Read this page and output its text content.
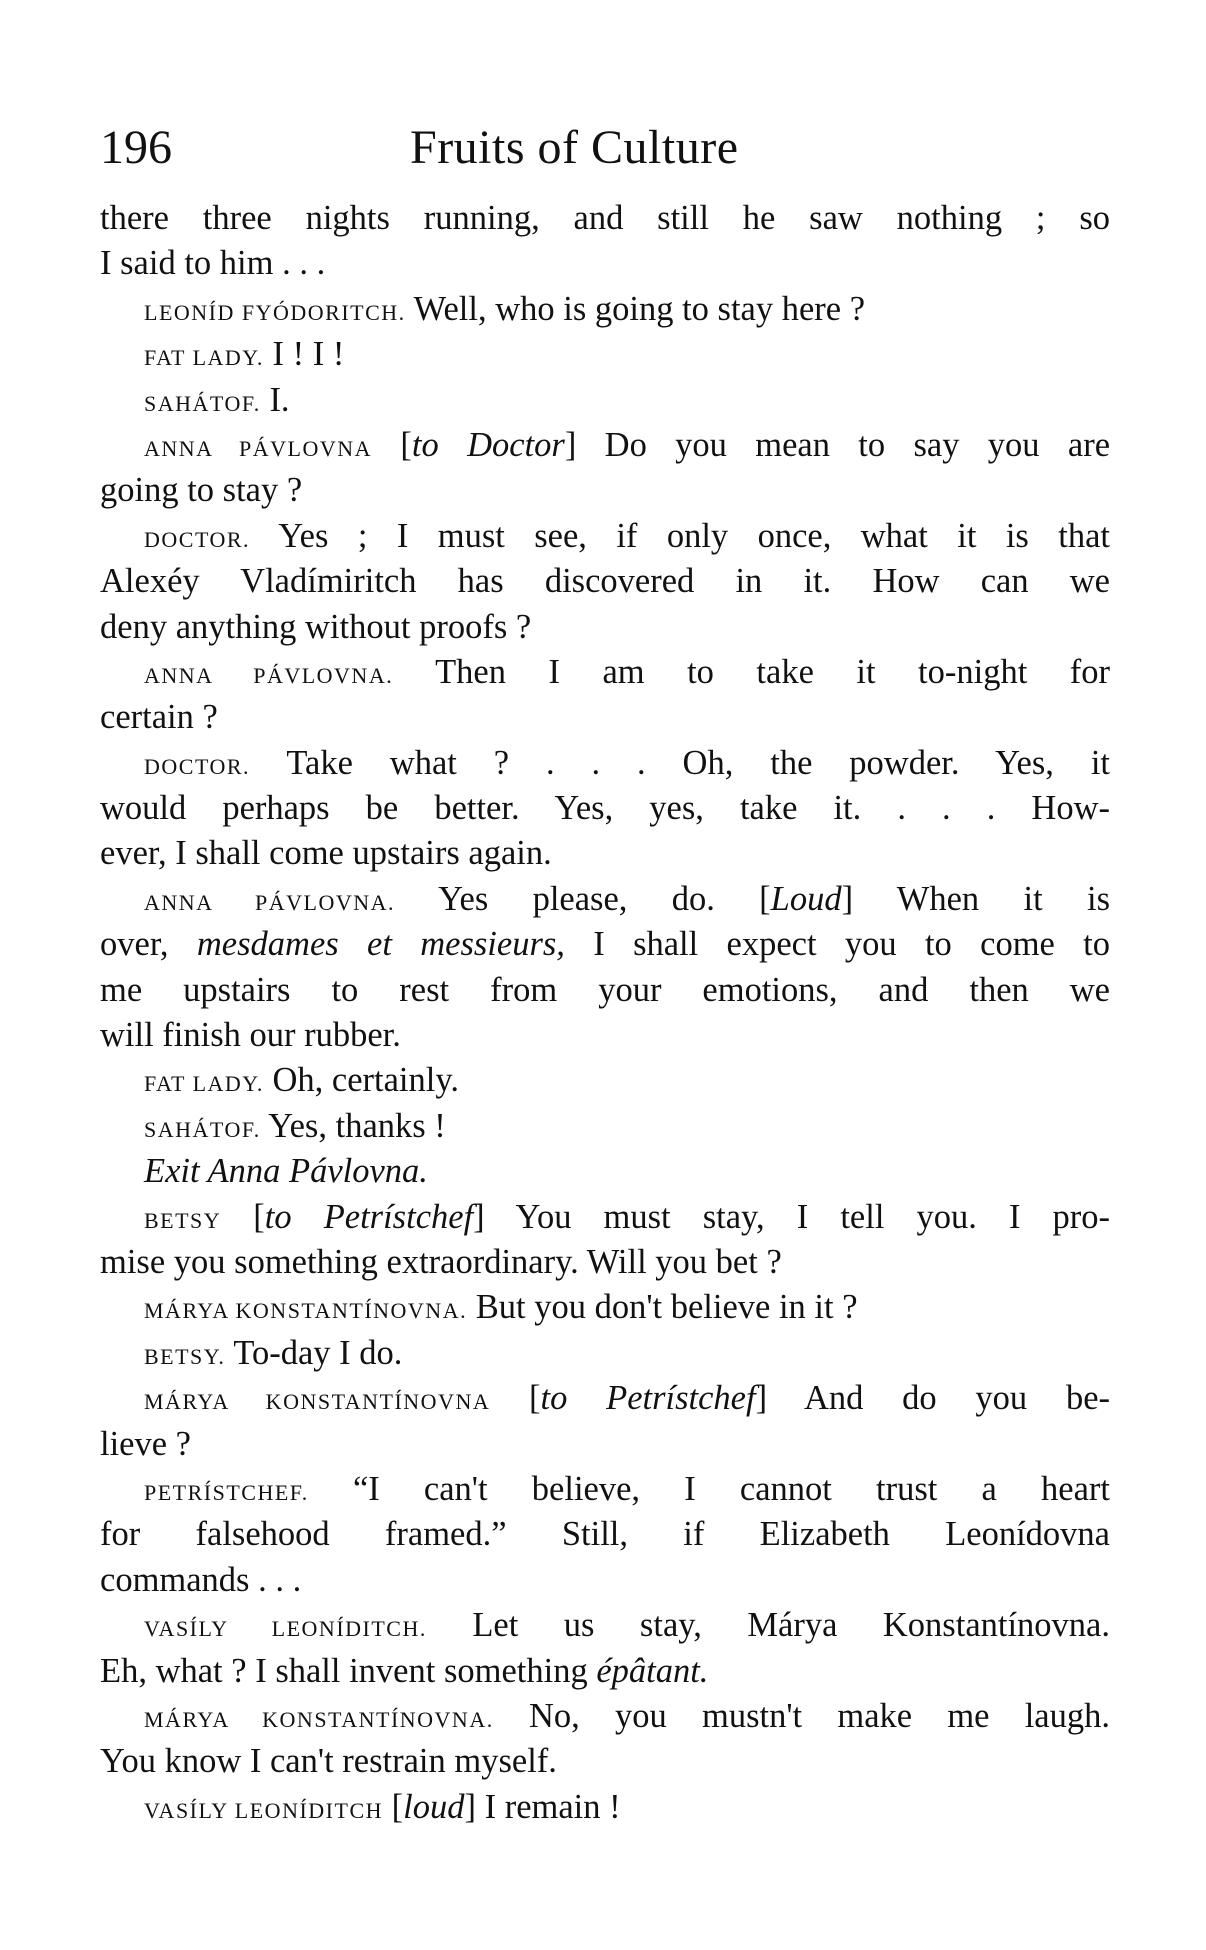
196	Fruits of Culture
there three nights running, and still he saw nothing ; so
I said to him . . .
LEONÍD FYÓDORITCH. Well, who is going to stay here ?
FAT LADY. I ! I !
SAHÁTOF. I.
ANNA PÁVLOVNA [to Doctor] Do you mean to say you are
going to stay ?
DOCTOR. Yes ; I must see, if only once, what it is that
Alexéy Vladímiritch has discovered in it. How can we
deny anything without proofs ?
ANNA PÁVLOVNA. Then I am to take it to-night for
certain ?
DOCTOR. Take what ? . . . Oh, the powder. Yes, it
would perhaps be better. Yes, yes, take it. . . . How-
ever, I shall come upstairs again.
ANNA PÁVLOVNA. Yes please, do. [Loud] When it is
over, mesdames et messieurs, I shall expect you to come to
me upstairs to rest from your emotions, and then we
will finish our rubber.
FAT LADY. Oh, certainly.
SAHÁTOF. Yes, thanks !
Exit Anna Pávlovna.
BETSY [to Petrístchef] You must stay, I tell you. I pro-
mise you something extraordinary. Will you bet ?
MÁRYA KONSTANTÍNOVNA. But you don't believe in it ?
BETSY. To-day I do.
MÁRYA KONSTANTÍNOVNA [to Petrístchef] And do you be-
lieve ?
PETRÍSTCHEF. “I can't believe, I cannot trust a heart
for falsehood framed.” Still, if Elizabeth Leonídovna
commands . . .
VASÍLY LEONÍDITCH. Let us stay, Márya Konstantínovna.
Eh, what ? I shall invent something épâtant.
MÁRYA KONSTANTÍNOVNA. No, you mustn't make me laugh.
You know I can't restrain myself.
VASÍLY LEONÍDITCH [loud] I remain !
